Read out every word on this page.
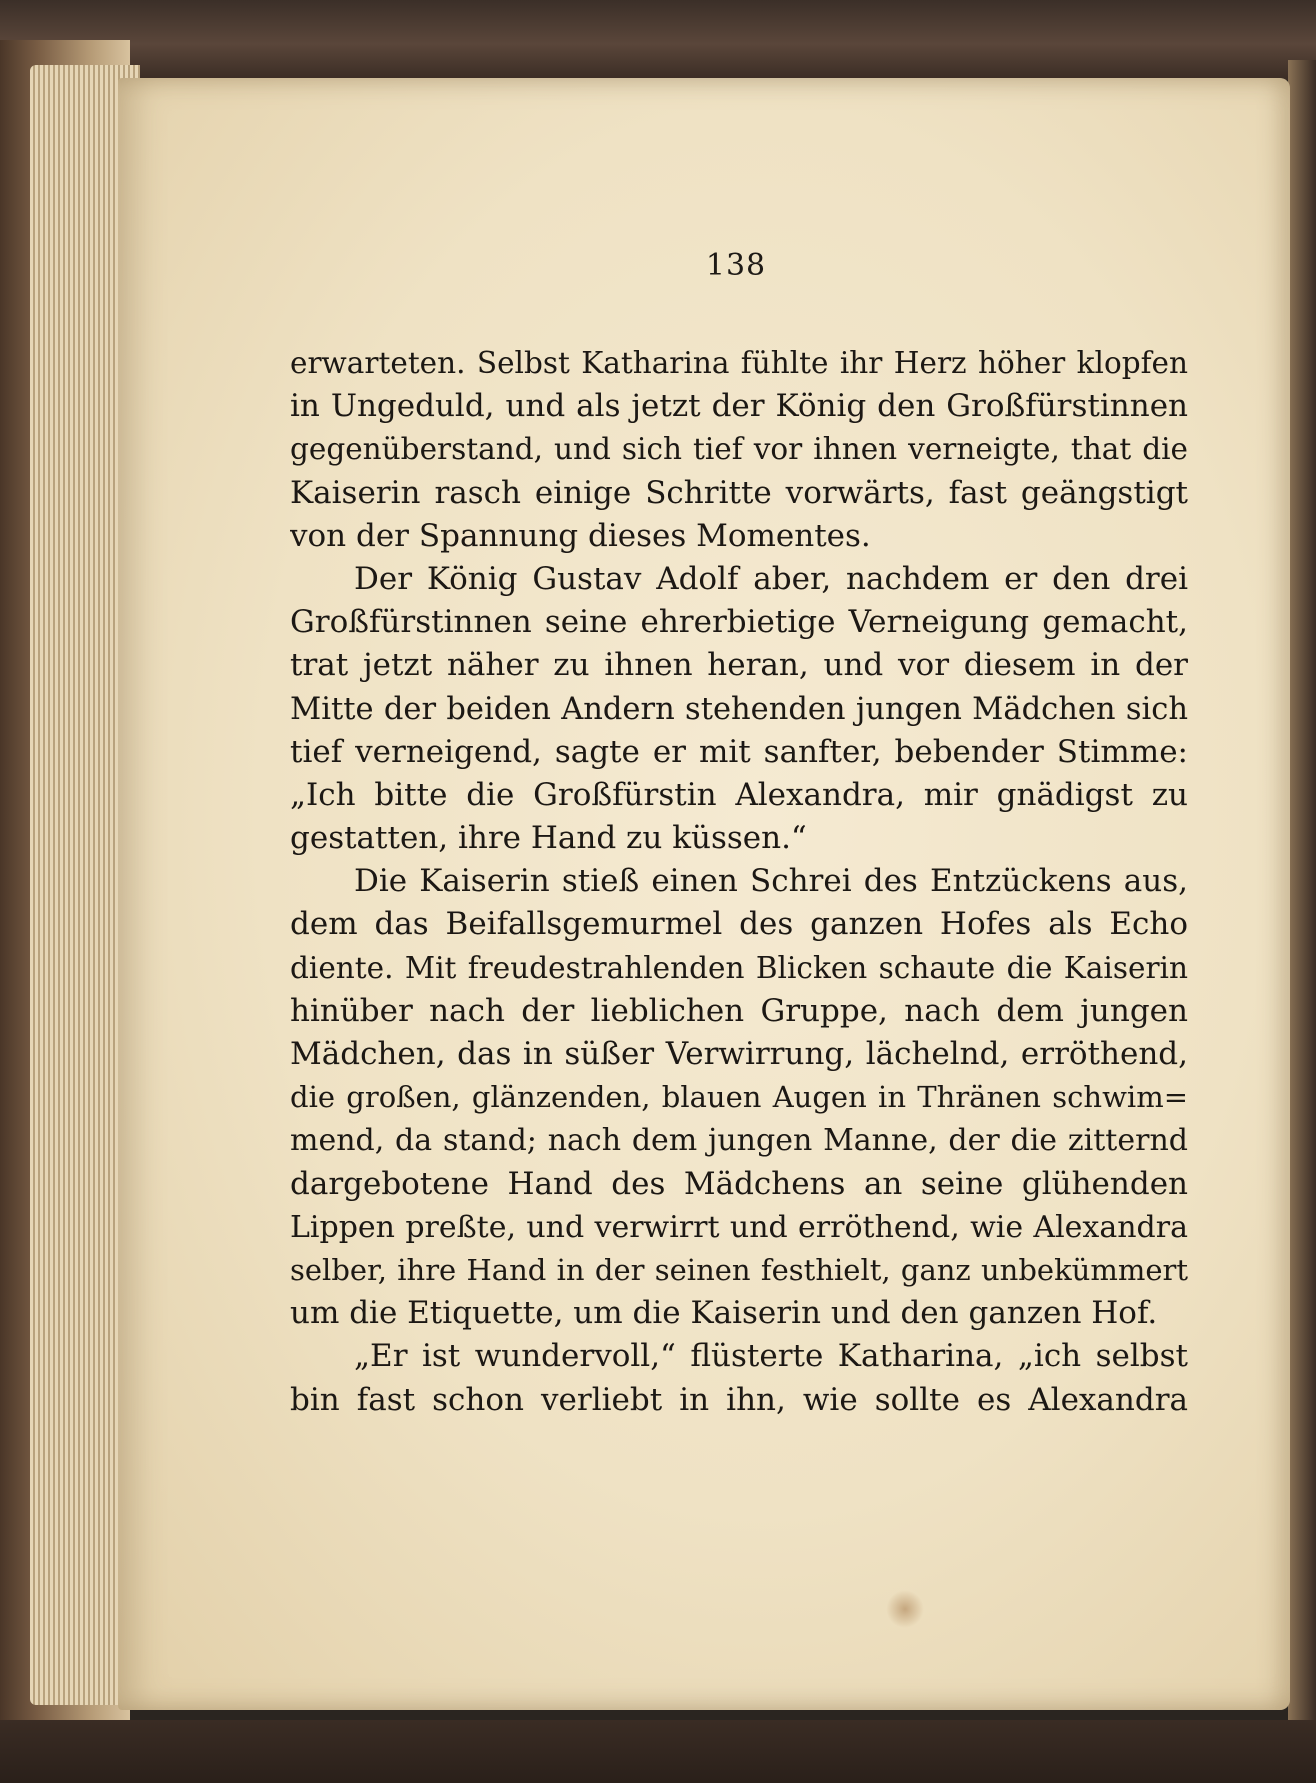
138
erwarteten. Selbst Katharina fühlte ihr Herz höher klopfen
in Ungeduld, und als jetzt der König den Großfürstinnen
gegenüberstand, und sich tief vor ihnen verneigte, that die
Kaiserin rasch einige Schritte vorwärts, fast geängstigt
von der Spannung dieses Momentes.
Der König Gustav Adolf aber, nachdem er den drei
Großfürstinnen seine ehrerbietige Verneigung gemacht,
trat jetzt näher zu ihnen heran, und vor diesem in der
Mitte der beiden Andern stehenden jungen Mädchen sich
tief verneigend, sagte er mit sanfter, bebender Stimme:
„Ich bitte die Großfürstin Alexandra, mir gnädigst zu
gestatten, ihre Hand zu küssen.“
Die Kaiserin stieß einen Schrei des Entzückens aus,
dem das Beifallsgemurmel des ganzen Hofes als Echo
diente. Mit freudestrahlenden Blicken schaute die Kaiserin
hinüber nach der lieblichen Gruppe, nach dem jungen
Mädchen, das in süßer Verwirrung, lächelnd, erröthend,
die großen, glänzenden, blauen Augen in Thränen schwim=
mend, da stand; nach dem jungen Manne, der die zitternd
dargebotene Hand des Mädchens an seine glühenden
Lippen preßte, und verwirrt und erröthend, wie Alexandra
selber, ihre Hand in der seinen festhielt, ganz unbekümmert
um die Etiquette, um die Kaiserin und den ganzen Hof.
„Er ist wundervoll,“ flüsterte Katharina, „ich selbst
bin fast schon verliebt in ihn, wie sollte es Alexandra
